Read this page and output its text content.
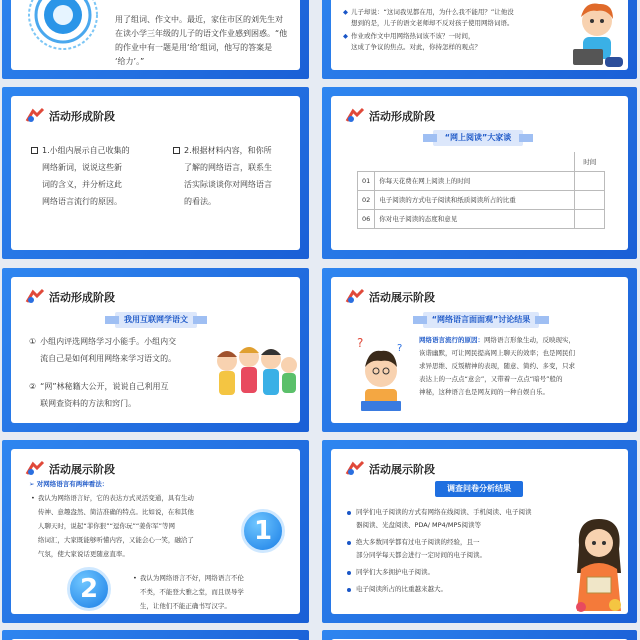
用了组词、作文中。最近，家住市区的刘先生对
在读小学三年级的儿子的语文作业感到困惑。“他
的作业中有一题是用‘给’组词，他写的答案是
‘给力’。”
◆ 儿子却说：“这词我见都在用，为什么我不能用？”让他没
想到的是，儿子的语文老师却不反对孩子使用网络词语。
◆ 作业或作文中用网络热词该不该？一时间，
这成了争议的焦点。对此，你持怎样的观点？
活动形成阶段
1.小组内展示自己收集的
网络新词，说说这些新
词的含义，并分析这此
网络语言流行的原因。
2.根据材料内容，和你所
了解的网络语言，联系生
活实际谈谈你对网络语言
的看法。
活动形成阶段
“网上阅读”大家谈
		时间
01	你每天花费在网上阅读上的时间	
02	电子阅读的方式电子阅读和纸质阅读所占的比重	
06	你对电子阅读的态度和意见	
活动形成阶段
我用互联网学语文
① 小组内评选网络学习小能手。小组内交
流自己是如何利用网络来学习语文的。
② “网”林秘籍大公开，说说自己利用互
联网查资料的方法和窍门。
活动展示阶段
“网络语言面面观”讨论结果
?	?
网络语言流行的原因：网络语言形象生动，反映现实，
诙谐幽默，可让网民提高网上聊天的效率；也是网民们
求异思维、反叛精神的表现，随意、简约、多变，只求
表达上的一点点“意会”，又带着一点点“暗号”般的
神秘，这种语言也是网友间的一种自娱自乐。
活动展示阶段
➢ 对网络语言有两种看法：
• 我认为网络语言好，它的表达方式灵活变通，具有生动
传神、意趣盎然、简洁准确的特点。比如说，在和其他
人聊天时，说起“菲你狠”“逗你玩”“姜你军”等网
络词汇，大家既能够听懂内容，又能会心一笑，融洽了
气氛，使大家说话更随意直率。
1
2	• 我认为网络语言不好，网络语言不伦
不类，不能登大雅之堂，而且误导学
生，让他们不能正确书写汉字。
活动展示阶段
调查问卷分析结果
同学们电子阅读的方式有网络在线阅读、手机阅读、电子阅读
器阅读、光盘阅读、PDA/ MP4/MP5阅读等
绝大多数同学都有过电子阅读的经验，且一
部分同学每天都会进行一定时间的电子阅读。
同学们大多拥护电子阅读。
电子阅读所占的比重越来越大。
